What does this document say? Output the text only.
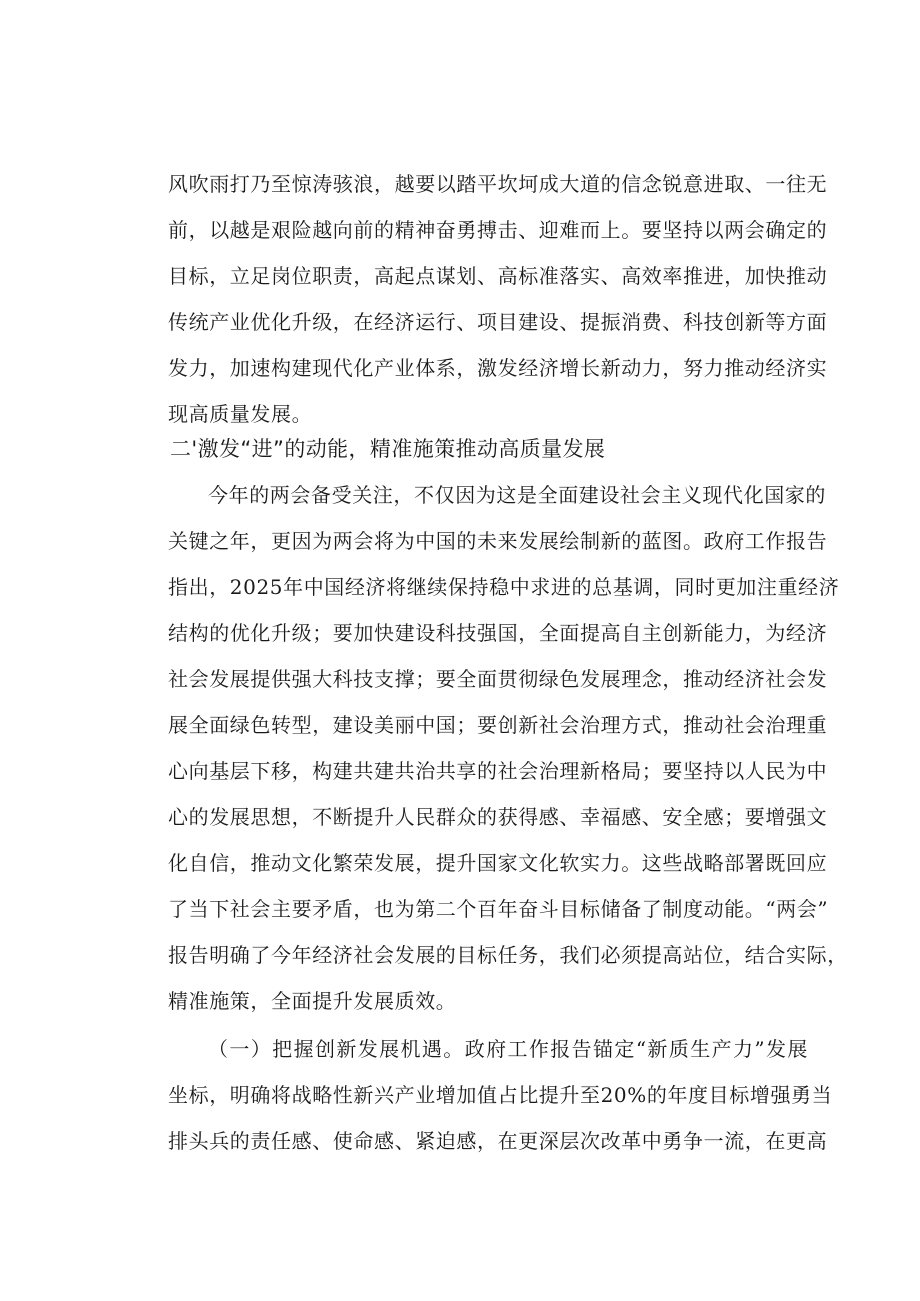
风吹雨打乃至惊涛骇浪，越要以踏平坎坷成大道的信念锐意进取、一往无
前，以越是艰险越向前的精神奋勇搏击、迎难而上。要坚持以两会确定的
目标，立足岗位职责，高起点谋划、高标准落实、高效率推进，加快推动
传统产业优化升级，在经济运行、项目建设、提振消费、科技创新等方面
发力，加速构建现代化产业体系，激发经济增长新动力，努力推动经济实
现高质量发展。
二'激发“进”的动能，精准施策推动高质量发展
今年的两会备受关注，不仅因为这是全面建设社会主义现代化国家的
关键之年，更因为两会将为中国的未来发展绘制新的蓝图。政府工作报告
指出，2025年中国经济将继续保持稳中求进的总基调，同时更加注重经济
结构的优化升级；要加快建设科技强国，全面提高自主创新能力，为经济
社会发展提供强大科技支撑；要全面贯彻绿色发展理念，推动经济社会发
展全面绿色转型，建设美丽中国；要创新社会治理方式，推动社会治理重
心向基层下移，构建共建共治共享的社会治理新格局；要坚持以人民为中
心的发展思想，不断提升人民群众的获得感、幸福感、安全感；要增强文
化自信，推动文化繁荣发展，提升国家文化软实力。这些战略部署既回应
了当下社会主要矛盾，也为第二个百年奋斗目标储备了制度动能。“两会”
报告明确了今年经济社会发展的目标任务，我们必须提高站位，结合实际，
精准施策，全面提升发展质效。
（一）把握创新发展机遇。政府工作报告锚定“新质生产力”发展
坐标，明确将战略性新兴产业增加值占比提升至20%的年度目标增强勇当
排头兵的责任感、使命感、紧迫感，在更深层次改革中勇争一流，在更高
